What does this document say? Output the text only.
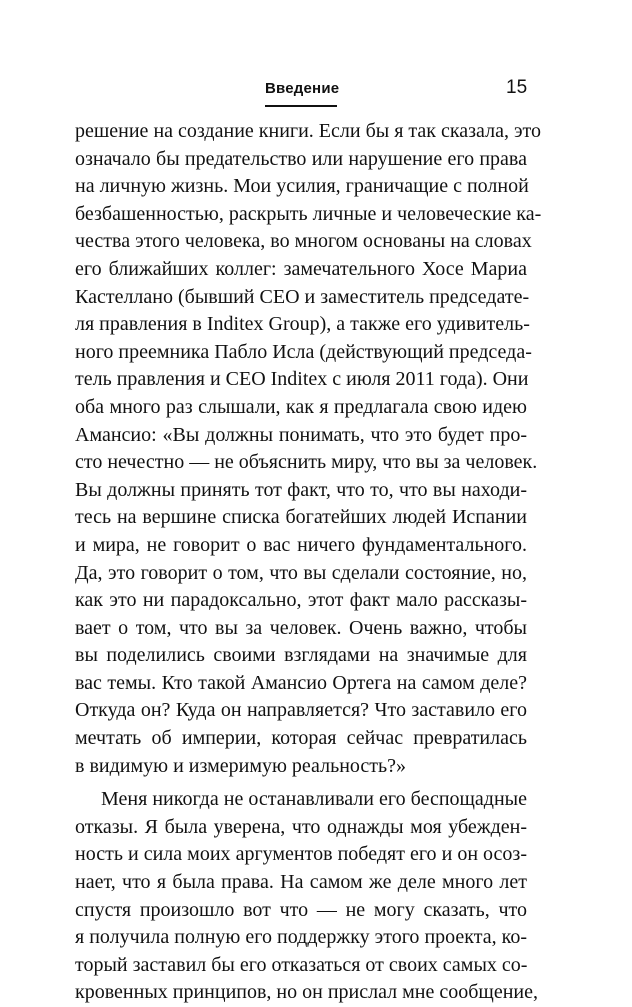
Введение	15
решение на создание книги. Если бы я так сказала, это
означало бы предательство или нарушение его права
на личную жизнь. Мои усилия, граничащие с полной
безбашенностью, раскрыть личные и человеческие ка-
чества этого человека, во многом основаны на словах
его ближайших коллег: замечательного Хосе Мариа
Кастеллано (бывший CEO и заместитель председате-
ля правления в Inditex Group), а также его удивитель-
ного преемника Пабло Исла (действующий председа-
тель правления и CEO Inditex с июля 2011 года). Они
оба много раз слышали, как я предлагала свою идею
Амансио: «Вы должны понимать, что это будет про-
сто нечестно — не объяснить миру, что вы за человек.
Вы должны принять тот факт, что то, что вы находи-
тесь на вершине списка богатейших людей Испании
и мира, не говорит о вас ничего фундаментального.
Да, это говорит о том, что вы сделали состояние, но,
как это ни парадоксально, этот факт мало рассказы-
вает о том, что вы за человек. Очень важно, чтобы
вы поделились своими взглядами на значимые для
вас темы. Кто такой Амансио Ортега на самом деле?
Откуда он? Куда он направляется? Что заставило его
мечтать об империи, которая сейчас превратилась
в видимую и измеримую реальность?»
Меня никогда не останавливали его беспощадные
отказы. Я была уверена, что однажды моя убежден-
ность и сила моих аргументов победят его и он осоз-
нает, что я была права. На самом же деле много лет
спустя произошло вот что — не могу сказать, что
я получила полную его поддержку этого проекта, ко-
торый заставил бы его отказаться от своих самых со-
кровенных принципов, но он прислал мне сообщение,
